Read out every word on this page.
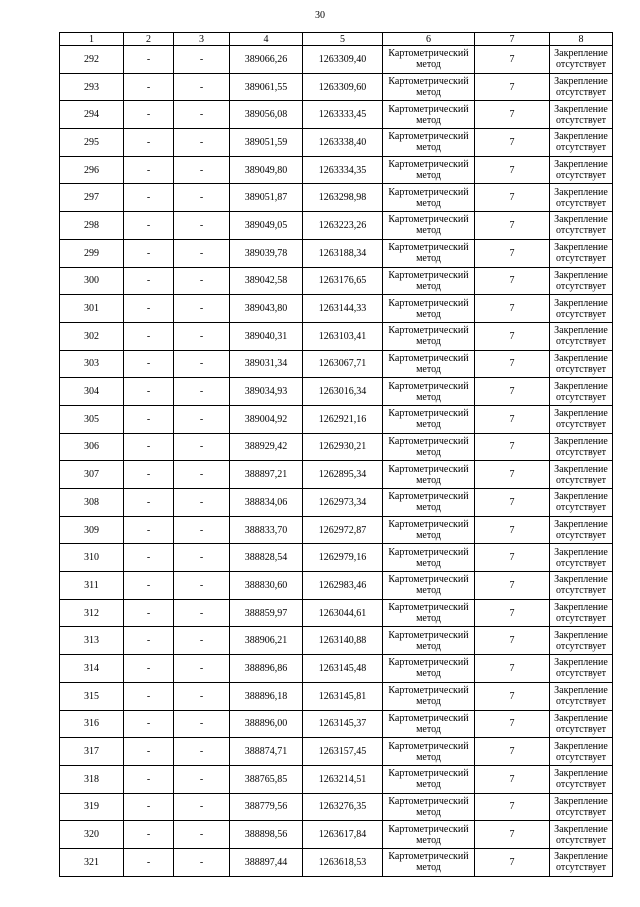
30
1	2	3	4	5	6	7	8
292	-	-	389066,26	1263309,40	Картометрический метод	7	Закрепление отсутствует
293	-	-	389061,55	1263309,60	Картометрический метод	7	Закрепление отсутствует
294	-	-	389056,08	1263333,45	Картометрический метод	7	Закрепление отсутствует
295	-	-	389051,59	1263338,40	Картометрический метод	7	Закрепление отсутствует
296	-	-	389049,80	1263334,35	Картометрический метод	7	Закрепление отсутствует
297	-	-	389051,87	1263298,98	Картометрический метод	7	Закрепление отсутствует
298	-	-	389049,05	1263223,26	Картометрический метод	7	Закрепление отсутствует
299	-	-	389039,78	1263188,34	Картометрический метод	7	Закрепление отсутствует
300	-	-	389042,58	1263176,65	Картометрический метод	7	Закрепление отсутствует
301	-	-	389043,80	1263144,33	Картометрический метод	7	Закрепление отсутствует
302	-	-	389040,31	1263103,41	Картометрический метод	7	Закрепление отсутствует
303	-	-	389031,34	1263067,71	Картометрический метод	7	Закрепление отсутствует
304	-	-	389034,93	1263016,34	Картометрический метод	7	Закрепление отсутствует
305	-	-	389004,92	1262921,16	Картометрический метод	7	Закрепление отсутствует
306	-	-	388929,42	1262930,21	Картометрический метод	7	Закрепление отсутствует
307	-	-	388897,21	1262895,34	Картометрический метод	7	Закрепление отсутствует
308	-	-	388834,06	1262973,34	Картометрический метод	7	Закрепление отсутствует
309	-	-	388833,70	1262972,87	Картометрический метод	7	Закрепление отсутствует
310	-	-	388828,54	1262979,16	Картометрический метод	7	Закрепление отсутствует
311	-	-	388830,60	1262983,46	Картометрический метод	7	Закрепление отсутствует
312	-	-	388859,97	1263044,61	Картометрический метод	7	Закрепление отсутствует
313	-	-	388906,21	1263140,88	Картометрический метод	7	Закрепление отсутствует
314	-	-	388896,86	1263145,48	Картометрический метод	7	Закрепление отсутствует
315	-	-	388896,18	1263145,81	Картометрический метод	7	Закрепление отсутствует
316	-	-	388896,00	1263145,37	Картометрический метод	7	Закрепление отсутствует
317	-	-	388874,71	1263157,45	Картометрический метод	7	Закрепление отсутствует
318	-	-	388765,85	1263214,51	Картометрический метод	7	Закрепление отсутствует
319	-	-	388779,56	1263276,35	Картометрический метод	7	Закрепление отсутствует
320	-	-	388898,56	1263617,84	Картометрический метод	7	Закрепление отсутствует
321	-	-	388897,44	1263618,53	Картометрический метод	7	Закрепление отсутствует
